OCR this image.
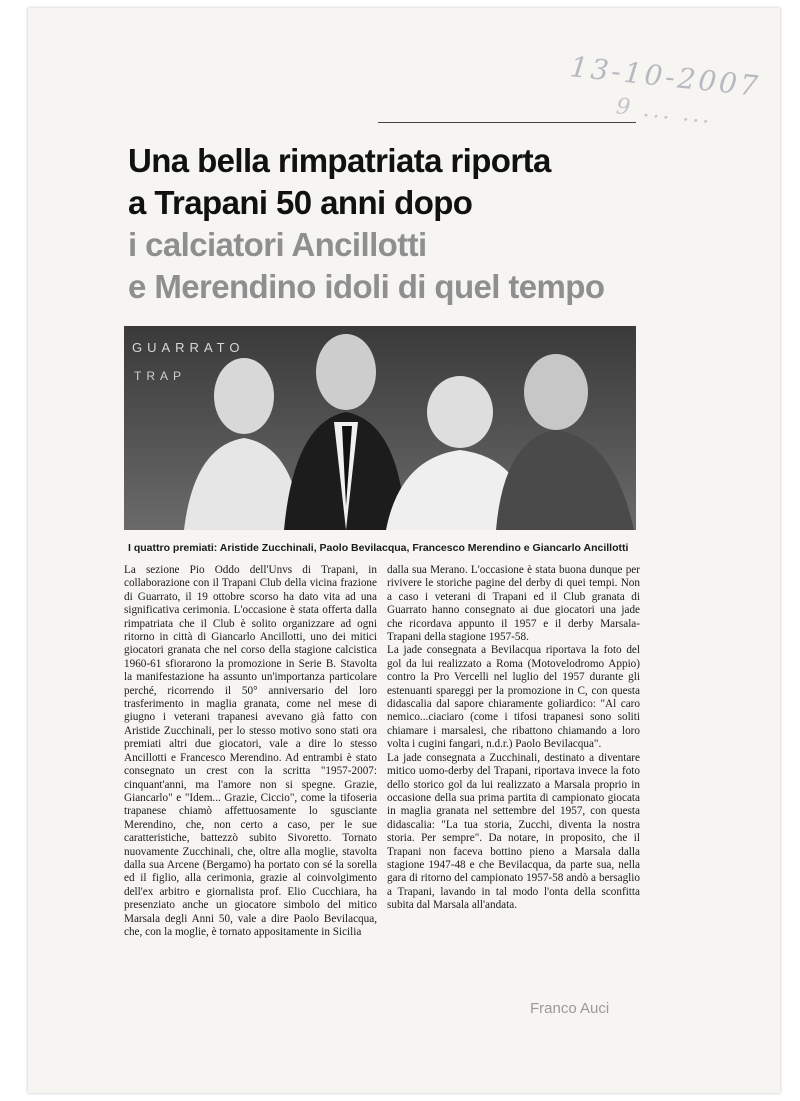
13-10-2007
9 ... ...
Una bella rimpatriata riporta
a Trapani 50 anni dopo
i calciatori Ancillotti
e Merendino idoli di quel tempo
GUARRATO
TRAP
I quattro premiati: Aristide Zucchinali, Paolo Bevilacqua, Francesco Merendino e Giancarlo Ancillotti

La sezione Pio Oddo dell'Unvs di Trapani, in collaborazione con il Trapani Club della vicina frazione di Guarrato, il 19 ottobre scorso ha dato vita ad una significativa cerimonia. L'occasione è stata offerta dalla rimpatriata che il Club è solito organizzare ad ogni ritorno in città di Giancarlo Ancillotti, uno dei mitici giocatori granata che nel corso della stagione calcistica 1960-61 sfiorarono la promozione in Serie B. Stavolta la manifestazione ha assunto un'importanza particolare perché, ricorrendo il 50° anniversario del loro trasferimento in maglia granata, come nel mese di giugno i veterani trapanesi avevano già fatto con Aristide Zucchinali, per lo stesso motivo sono stati ora premiati altri due giocatori, vale a dire lo stesso Ancillotti e Francesco Merendino. Ad entrambi è stato consegnato un crest con la scritta "1957-2007: cinquant'anni, ma l'amore non si spegne. Grazie, Giancarlo" e "Idem... Grazie, Ciccio", come la tifoseria trapanese chiamò affettuosamente lo sgusciante Merendino, che, non certo a caso, per le sue caratteristiche, battezzò subito Sivoretto. Tornato nuovamente Zucchinali, che, oltre alla moglie, stavolta dalla sua Arcene (Bergamo) ha portato con sé la sorella ed il figlio, alla cerimonia, grazie al coinvolgimento dell'ex arbitro e giornalista prof. Elio Cucchiara, ha presenziato anche un giocatore simbolo del mitico Marsala degli Anni 50, vale a dire Paolo Bevilacqua, che, con la moglie, è tornato appositamente in Sicilia

dalla sua Merano. L'occasione è stata buona dunque per rivivere le storiche pagine del derby di quei tempi. Non a caso i veterani di Trapani ed il Club granata di Guarrato hanno consegnato ai due giocatori una jade che ricordava appunto il 1957 e il derby Marsala-Trapani della stagione 1957-58.

La jade consegnata a Bevilacqua riportava la foto del gol da lui realizzato a Roma (Motovelodromo Appio) contro la Pro Vercelli nel luglio del 1957 durante gli estenuanti spareggi per la promozione in C, con questa didascalia dal sapore chiaramente goliardico: "Al caro nemico...ciaciaro (come i tifosi trapanesi sono soliti chiamare i marsalesi, che ribattono chiamando a loro volta i cugini fangari, n.d.r.) Paolo Bevilacqua".

La jade consegnata a Zucchinali, destinato a diventare mitico uomo-derby del Trapani, riportava invece la foto dello storico gol da lui realizzato a Marsala proprio in occasione della sua prima partita di campionato giocata in maglia granata nel settembre del 1957, con questa didascalia: "La tua storia, Zucchi, diventa la nostra storia. Per sempre". Da notare, in proposito, che il Trapani non faceva bottino pieno a Marsala dalla stagione 1947-48 e che Bevilacqua, da parte sua, nella gara di ritorno del campionato 1957-58 andò a bersaglio a Trapani, lavando in tal modo l'onta della sconfitta subita dal Marsala all'andata.

Franco Auci
